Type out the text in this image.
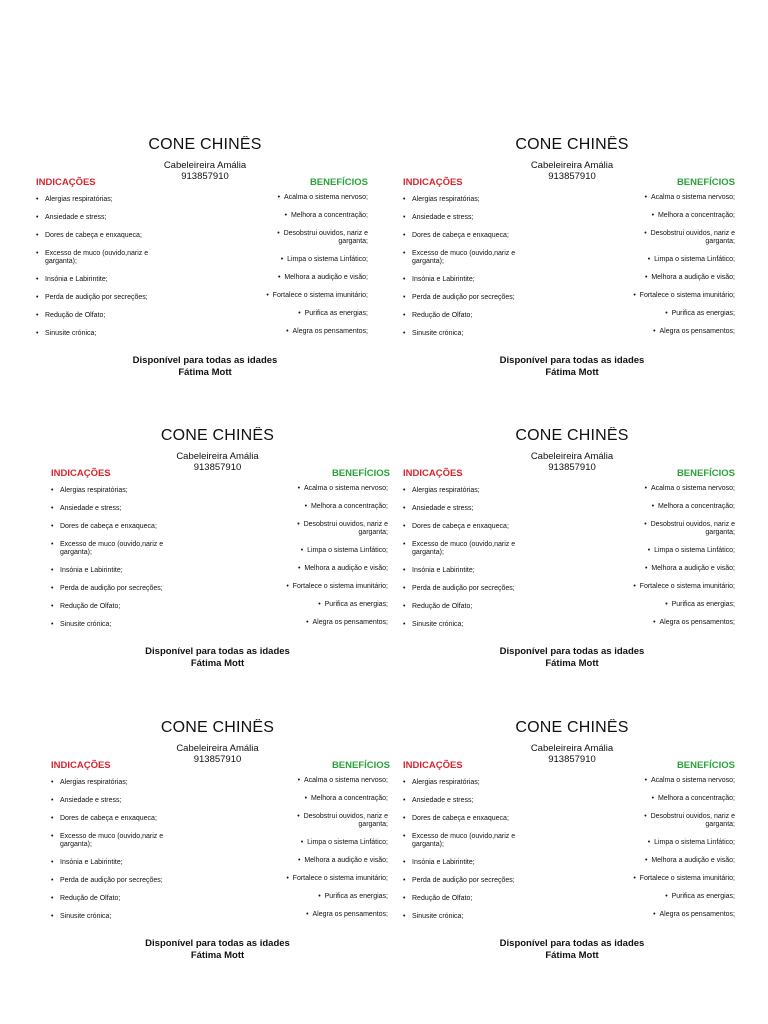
CONE CHINÊS
Cabeleireira Amália
913857910
INDICAÇÕES	BENEFÍCIOS
• Alergias respiratórias;
• Ansiedade e stress;
• Dores de cabeça e enxaqueca;
• Excesso de muco (ouvido,nariz e garganta);
• Insónia e Labirintite;
• Perda de audição por secreções;
• Redução de Olfato;
• Sinusite crónica;
•  Acalma o sistema nervoso;
•  Melhora a concentração;
•  Desobstrui ouvidos, nariz e garganta;
•  Limpa o sistema Linfático;
•  Melhora a audição e visão;
•  Fortalece o sistema imunitário;
•  Purifica as energias;
•  Alegra os pensamentos;
Disponível para todas as idades
Fátima Mott
CONE CHINÊS
Cabeleireira Amália
913857910
INDICAÇÕES	BENEFÍCIOS
• Alergias respiratórias;
• Ansiedade e stress;
• Dores de cabeça e enxaqueca;
• Excesso de muco (ouvido,nariz e garganta);
• Insónia e Labirintite;
• Perda de audição por secreções;
• Redução de Olfato;
• Sinusite crónica;
•  Acalma o sistema nervoso;
•  Melhora a concentração;
•  Desobstrui ouvidos, nariz e garganta;
•  Limpa o sistema Linfático;
•  Melhora a audição e visão;
•  Fortalece o sistema imunitário;
•  Purifica as energias;
•  Alegra os pensamentos;
Disponível para todas as idades
Fátima Mott
CONE CHINÊS
Cabeleireira Amália
913857910
INDICAÇÕES	BENEFÍCIOS
• Alergias respiratórias;
• Ansiedade e stress;
• Dores de cabeça e enxaqueca;
• Excesso de muco (ouvido,nariz e garganta);
• Insónia e Labirintite;
• Perda de audição por secreções;
• Redução de Olfato;
• Sinusite crónica;
•  Acalma o sistema nervoso;
•  Melhora a concentração;
•  Desobstrui ouvidos, nariz e garganta;
•  Limpa o sistema Linfático;
•  Melhora a audição e visão;
•  Fortalece o sistema imunitário;
•  Purifica as energias;
•  Alegra os pensamentos;
Disponível para todas as idades
Fátima Mott
CONE CHINÊS
Cabeleireira Amália
913857910
INDICAÇÕES	BENEFÍCIOS
• Alergias respiratórias;
• Ansiedade e stress;
• Dores de cabeça e enxaqueca;
• Excesso de muco (ouvido,nariz e garganta);
• Insónia e Labirintite;
• Perda de audição por secreções;
• Redução de Olfato;
• Sinusite crónica;
•  Acalma o sistema nervoso;
•  Melhora a concentração;
•  Desobstrui ouvidos, nariz e garganta;
•  Limpa o sistema Linfático;
•  Melhora a audição e visão;
•  Fortalece o sistema imunitário;
•  Purifica as energias;
•  Alegra os pensamentos;
Disponível para todas as idades
Fátima Mott
CONE CHINÊS
Cabeleireira Amália
913857910
INDICAÇÕES	BENEFÍCIOS
• Alergias respiratórias;
• Ansiedade e stress;
• Dores de cabeça e enxaqueca;
• Excesso de muco (ouvido,nariz e garganta);
• Insónia e Labirintite;
• Perda de audição por secreções;
• Redução de Olfato;
• Sinusite crónica;
•  Acalma o sistema nervoso;
•  Melhora a concentração;
•  Desobstrui ouvidos, nariz e garganta;
•  Limpa o sistema Linfático;
•  Melhora a audição e visão;
•  Fortalece o sistema imunitário;
•  Purifica as energias;
•  Alegra os pensamentos;
Disponível para todas as idades
Fátima Mott
CONE CHINÊS
Cabeleireira Amália
913857910
INDICAÇÕES	BENEFÍCIOS
• Alergias respiratórias;
• Ansiedade e stress;
• Dores de cabeça e enxaqueca;
• Excesso de muco (ouvido,nariz e garganta);
• Insónia e Labirintite;
• Perda de audição por secreções;
• Redução de Olfato;
• Sinusite crónica;
•  Acalma o sistema nervoso;
•  Melhora a concentração;
•  Desobstrui ouvidos, nariz e garganta;
•  Limpa o sistema Linfático;
•  Melhora a audição e visão;
•  Fortalece o sistema imunitário;
•  Purifica as energias;
•  Alegra os pensamentos;
Disponível para todas as idades
Fátima Mott
